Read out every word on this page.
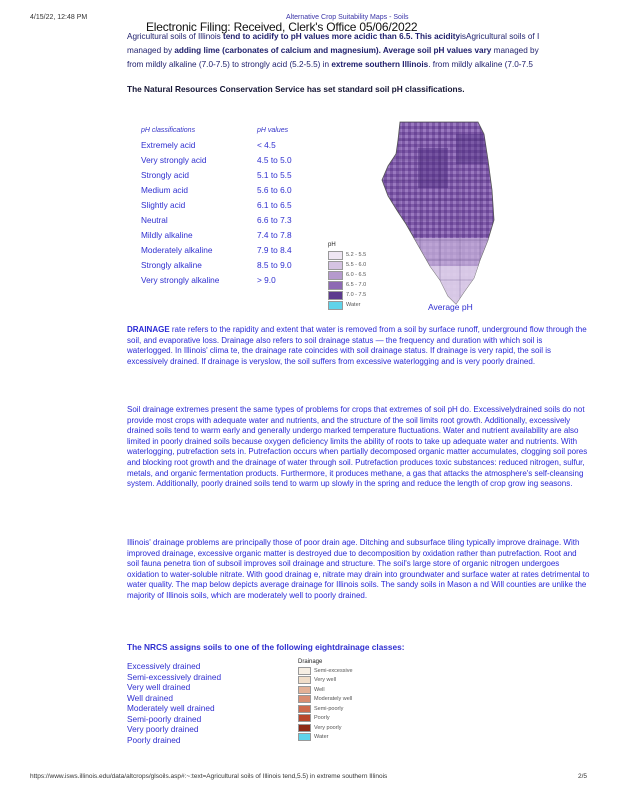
4/15/22, 12:48 PM	Alternative Crop Suitability Maps - Soils
Electronic Filing: Received, Clerk's Office 05/06/2022
Agricultural soils of Illinois tend to acidify to pH values more acidic than 6.5. This acidityisAgricultural soils of I
managed by adding lime (carbonates of calcium and magnesium). Average soil pH values vary managed by
from mildly alkaline (7.0-7.5) to strongly acid (5.2-5.5) in extreme southern Illinois. from mildly alkaline (7.0-7.5
The Natural Resources Conservation Service has set standard soil pH classifications.
pH classifications	pH values
Extremely acid	< 4.5
Very strongly acid	4.5 to 5.0
Strongly acid	5.1 to 5.5
Medium acid	5.6 to 6.0
Slightly acid	6.1 to 6.5
Neutral	6.6 to 7.3
Mildly alkaline	7.4 to 7.8
Moderately alkaline	7.9 to 8.4
Strongly alkaline	8.5 to 9.0
Very strongly alkaline	> 9.0
pH
5.2 - 5.5
5.5 - 6.0
6.0 - 6.5
6.5 - 7.0
7.0 - 7.5
Water	Average pH
DRAINAGE rate refers to the rapidity and extent that water is removed from a soil by surface runoff, underground flow through the soil, and evaporative loss. Drainage also refers to soil drainage status — the frequency and duration with which soil is waterlogged. In Illinois' clima te, the drainage rate coincides with soil drainage status. If drainage is very rapid, the soil is excessively drained. If drainage is veryslow, the soil suffers from excessive waterlogging and is very poorly drained.
Soil drainage extremes present the same types of problems for crops that extremes of soil pH do. Excessivelydrained soils do not provide most crops with adequate water and nutrients, and the structure of the soil limits root growth. Additionally, excessively drained soils tend to warm early and generally undergo marked temperature fluctuations. Water and nutrient availability are also limited in poorly drained soils because oxygen deficiency limits the ability of roots to take up adequate water and nutrients. With waterlogging, putrefaction sets in. Putrefaction occurs when partially decomposed organic matter accumulates, clogging soil pores and blocking root growth and the drainage of water through soil. Putrefaction produces toxic substances: reduced nitrogen, sulfur, metals, and organic fermentation products. Furthermore, it produces methane, a gas that attacks the atmosphere's self-cleansing system. Additionally, poorly drained soils tend to warm up slowly in the spring and reduce the length of crop grow ing seasons.
Illinois' drainage problems are principally those of poor drain age. Ditching and subsurface tiling typically improve drainage. With improved drainage, excessive organic matter is destroyed due to decomposition by oxidation rather than putrefaction. Root and soil fauna penetra tion of subsoil improves soil drainage and structure. The soil's large store of organic nitrogen undergoes oxidation to water-soluble nitrate. With good drainag e, nitrate may drain into groundwater and surface water at rates detrimental to water quality. The map below depicts average drainage for Illinois soils. The sandy soils in Mason a nd Will counties are unlike the majority of Illinois soils, which are moderately well to poorly drained.
The NRCS assigns soils to one of the following eightdrainage classes:
Excessively drained
Semi-excessively drained
Very well drained
Well drained
Moderately well drained
Semi-poorly drained
Very poorly drained
Poorly drained
Drainage
Semi-excessive
Very well
Well
Moderately well
Semi-poorly
Poorly
Very poorly
Water
https://www.isws.illinois.edu/data/altcrops/glsoils.asp#:~:text=Agricultural soils of Illinois tend,5.5) in extreme southern Illinois	2/5
